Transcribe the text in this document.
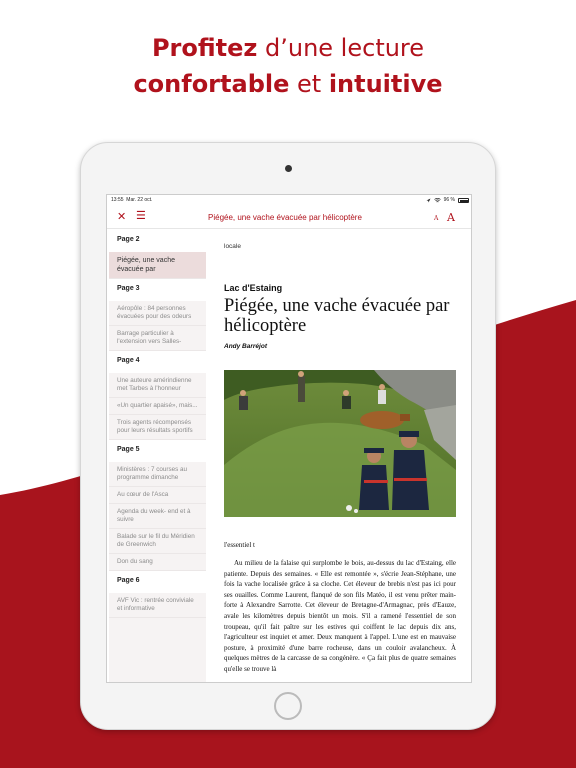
Profitez d’une lecture
confortable et intuitive
13:55 Mar. 22 oct.	96 %
✕ ☰	Piégée, une vache évacuée par hélicoptère	A A
Page 2
Piégée, une vache évacuée par
Page 3
Aéropôle : 84 personnes évacuées pour des odeurs
Barrage particulier à l'extension vers Salles-
Page 4
Une auteure amérindienne met Tarbes à l'honneur
«Un quartier apaisé», mais...
Trois agents récompensés pour leurs résultats sportifs
Page 5
Ministères : 7 courses au programme dimanche
Au cœur de l'Asca
Agenda du week- end et à suivre
Balade sur le fil du Méridien de Greenwich
Don du sang
Page 6
AVF Vic : rentrée conviviale et informative
locale
Lac d'Estaing
Piégée, une vache évacuée par hélicoptère
Andy Barréjot
l'essentiel t
Au milieu de la falaise qui surplombe le bois, au-dessus du lac d'Estaing, elle patiente. Depuis des semaines. « Elle est remontée », s'écrie Jean-Stéphane, une fois la vache localisée grâce à sa cloche. Cet éleveur de brebis n'est pas ici pour ses ouailles. Comme Laurent, flanqué de son fils Matéo, il est venu prêter main-forte à Alexandre Sarrotte. Cet éleveur de Bretagne-d'Armagnac, près d'Eauze, avale les kilomètres depuis bientôt un mois. S'il a ramené l'essentiel de son troupeau, qu'il fait paître sur les estives qui coiffent le lac depuis dix ans, l'agriculteur est inquiet et amer. Deux manquent à l'appel. L'une est en mauvaise posture, à proximité d'une barre rocheuse, dans un couloir avalancheux. À quelques mètres de la carcasse de sa congénère. « Ça fait plus de quatre semaines qu'elle se trouve là
